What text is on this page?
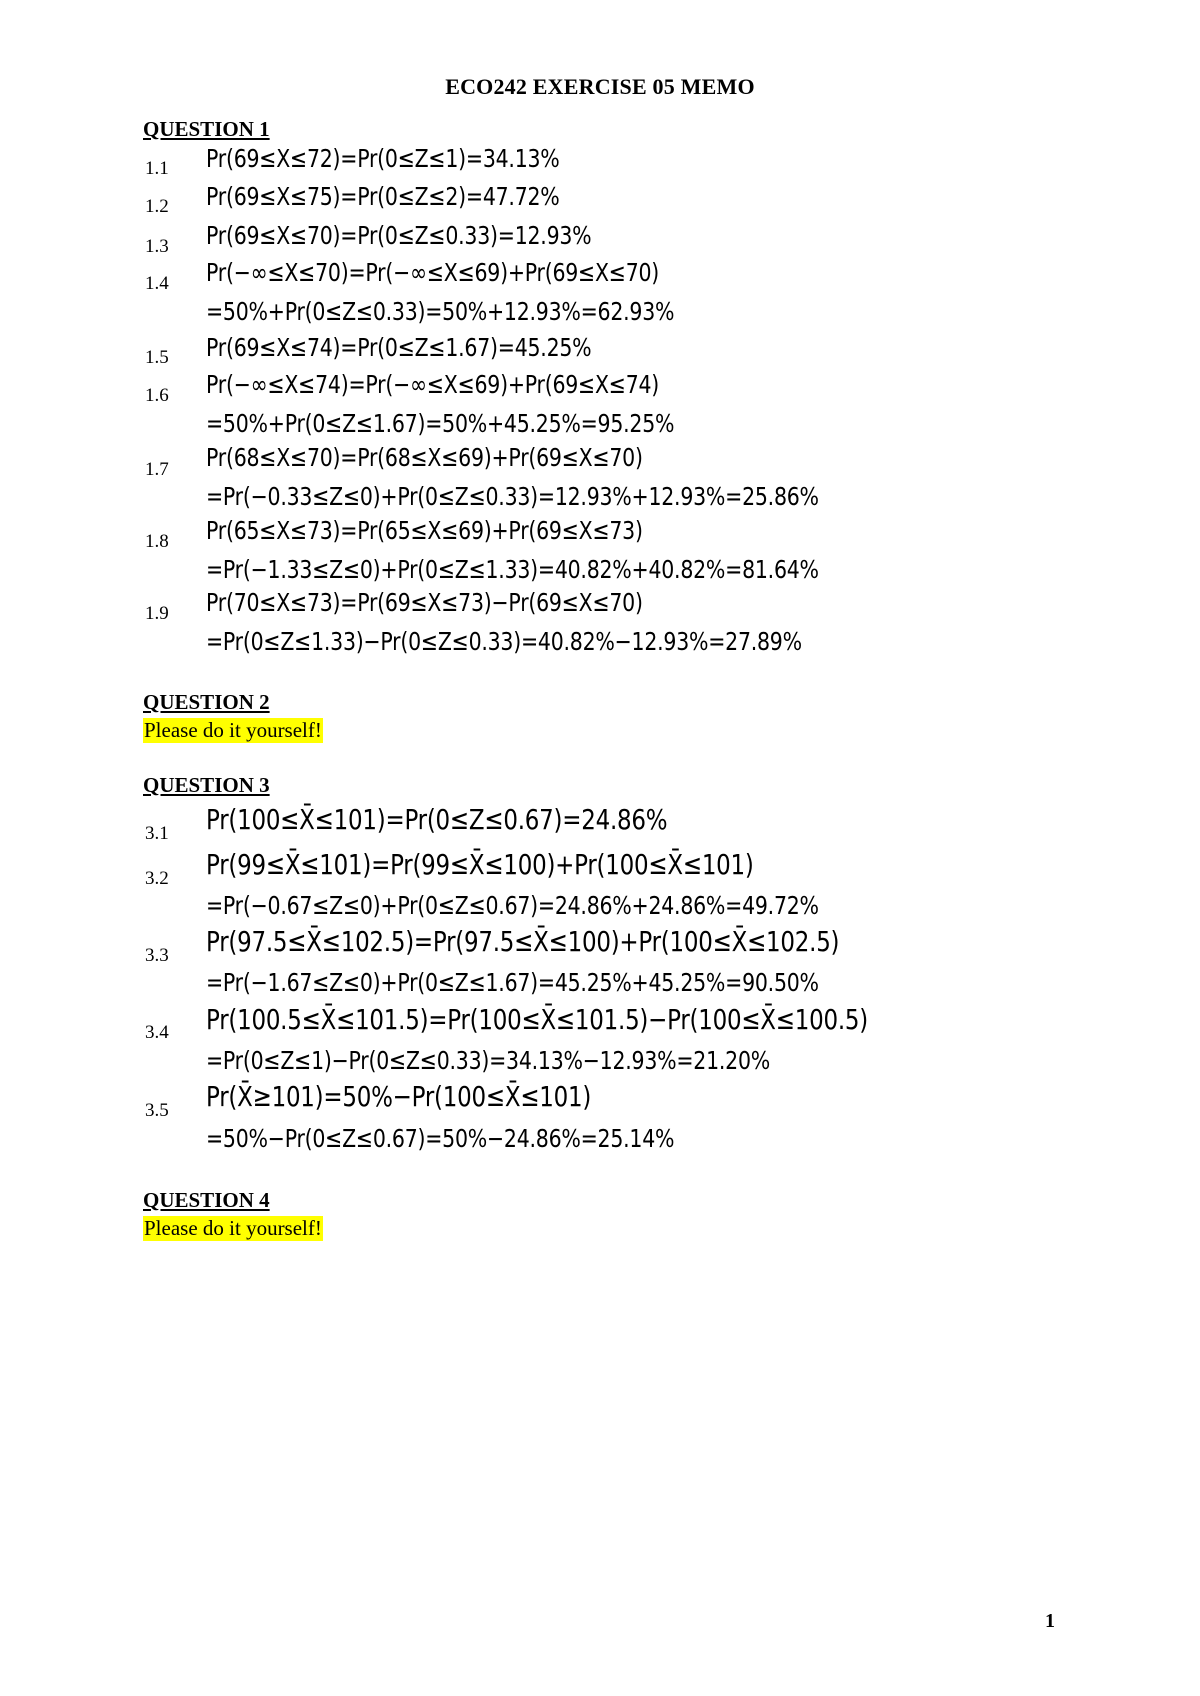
ECO242 EXERCISE 05 MEMO
QUESTION 1
1.1 Pr(69≤X≤72)=Pr(0≤Z≤1)=34.13%
1.2 Pr(69≤X≤75)=Pr(0≤Z≤2)=47.72%
1.3 Pr(69≤X≤70)=Pr(0≤Z≤0.33)=12.93%
1.4 Pr(−∞≤X≤70)=Pr(−∞≤X≤69)+Pr(69≤X≤70)
=50%+Pr(0≤Z≤0.33)=50%+12.93%=62.93%
1.5 Pr(69≤X≤74)=Pr(0≤Z≤1.67)=45.25%
1.6 Pr(−∞≤X≤74)=Pr(−∞≤X≤69)+Pr(69≤X≤74)
=50%+Pr(0≤Z≤1.67)=50%+45.25%=95.25%
1.7 Pr(68≤X≤70)=Pr(68≤X≤69)+Pr(69≤X≤70)
=Pr(−0.33≤Z≤0)+Pr(0≤Z≤0.33)=12.93%+12.93%=25.86%
1.8 Pr(65≤X≤73)=Pr(65≤X≤69)+Pr(69≤X≤73)
=Pr(−1.33≤Z≤0)+Pr(0≤Z≤1.33)=40.82%+40.82%=81.64%
1.9 Pr(70≤X≤73)=Pr(69≤X≤73)−Pr(69≤X≤70)
=Pr(0≤Z≤1.33)−Pr(0≤Z≤0.33)=40.82%−12.93%=27.89%
QUESTION 2
Please do it yourself!
QUESTION 3
3.1 Pr(100≤X̄≤101)=Pr(0≤Z≤0.67)=24.86%
3.2 Pr(99≤X̄≤101)=Pr(99≤X̄≤100)+Pr(100≤X̄≤101)
=Pr(−0.67≤Z≤0)+Pr(0≤Z≤0.67)=24.86%+24.86%=49.72%
3.3 Pr(97.5≤X̄≤102.5)=Pr(97.5≤X̄≤100)+Pr(100≤X̄≤102.5)
=Pr(−1.67≤Z≤0)+Pr(0≤Z≤1.67)=45.25%+45.25%=90.50%
3.4 Pr(100.5≤X̄≤101.5)=Pr(100≤X̄≤101.5)−Pr(100≤X̄≤100.5)
=Pr(0≤Z≤1)−Pr(0≤Z≤0.33)=34.13%−12.93%=21.20%
3.5 Pr(X̄≥101)=50%−Pr(100≤X̄≤101)
=50%−Pr(0≤Z≤0.67)=50%−24.86%=25.14%
QUESTION 4
Please do it yourself!
1
